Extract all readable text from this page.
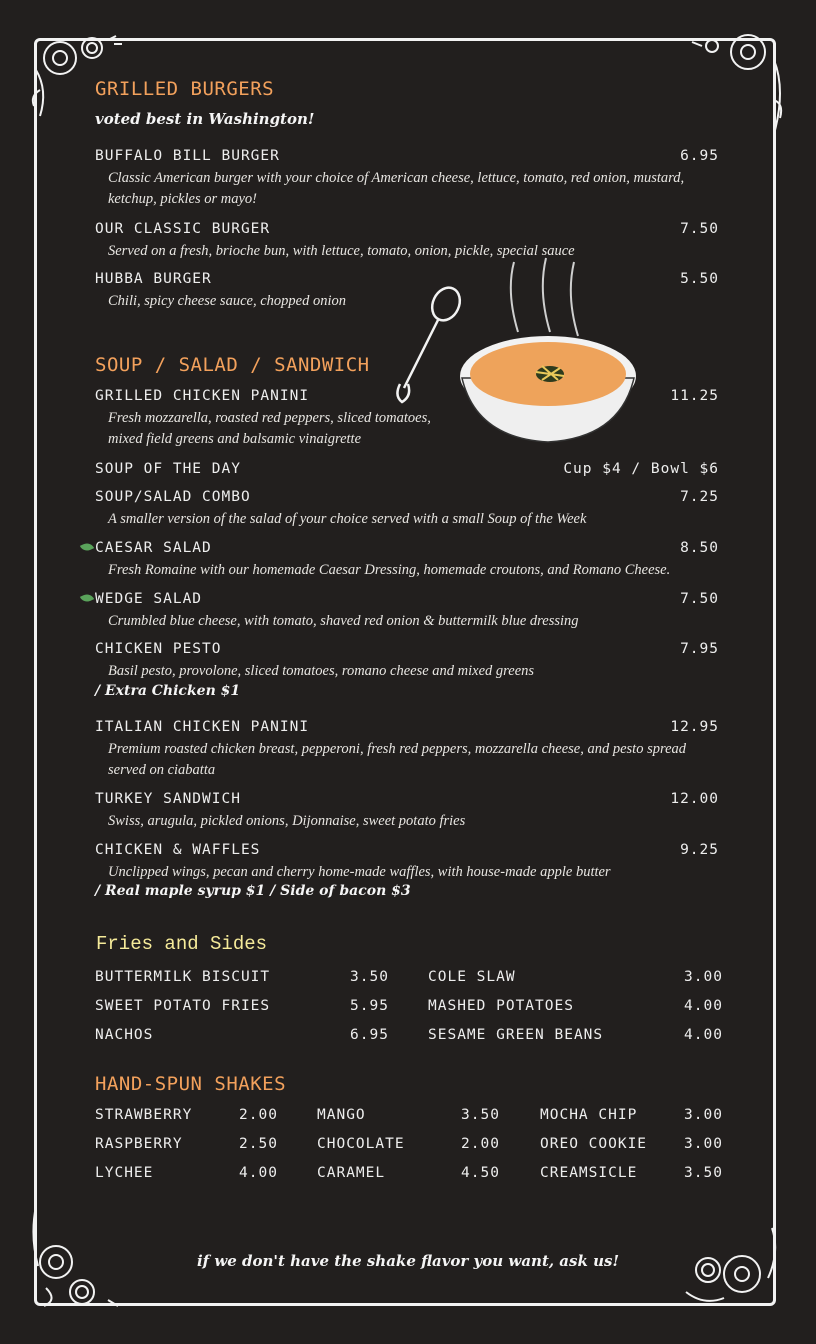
GRILLED BURGERS
voted best in Washington!
BUFFALO BILL BURGER	6.95
Classic American burger with your choice of American cheese, lettuce, tomato, red onion, mustard, ketchup, pickles or mayo!
OUR CLASSIC BURGER	7.50
Served on a fresh, brioche bun, with lettuce, tomato, onion, pickle, special sauce
HUBBA BURGER	5.50
Chili, spicy cheese sauce, chopped onion
SOUP / SALAD / SANDWICH
GRILLED CHICKEN PANINI	11.25
Fresh mozzarella, roasted red peppers, sliced tomatoes, mixed field greens and balsamic vinaigrette
SOUP OF THE DAY	Cup $4 / Bowl $6
SOUP/SALAD COMBO	7.25
A smaller version of the salad of your choice served with a small Soup of the Week
CAESAR SALAD	8.50
Fresh Romaine with our homemade Caesar Dressing, homemade croutons, and Romano Cheese.
WEDGE SALAD	7.50
Crumbled blue cheese, with tomato, shaved red onion & buttermilk blue dressing
CHICKEN PESTO	7.95
Basil pesto, provolone, sliced tomatoes, romano cheese and mixed greens
/ Extra Chicken $1
ITALIAN CHICKEN PANINI	12.95
Premium roasted chicken breast, pepperoni, fresh red peppers, mozzarella cheese, and pesto spread served on ciabatta
TURKEY SANDWICH	12.00
Swiss, arugula, pickled onions, Dijonnaise, sweet potato fries
CHICKEN & WAFFLES	9.25
Unclipped wings, pecan and cherry home-made waffles, with house-made apple butter
/ Real maple syrup $1 / Side of bacon $3
Fries and Sides
BUTTERMILK BISCUIT	3.50	COLE SLAW	3.00
SWEET POTATO FRIES	5.95	MASHED POTATOES	4.00
NACHOS	6.95	SESAME GREEN BEANS	4.00
HAND-SPUN SHAKES
STRAWBERRY	2.00	MANGO	3.50	MOCHA CHIP	3.00
RASPBERRY	2.50	CHOCOLATE	2.00	OREO COOKIE	3.00
LYCHEE	4.00	CARAMEL	4.50	CREAMSICLE	3.50
if we don't have the shake flavor you want, ask us!
